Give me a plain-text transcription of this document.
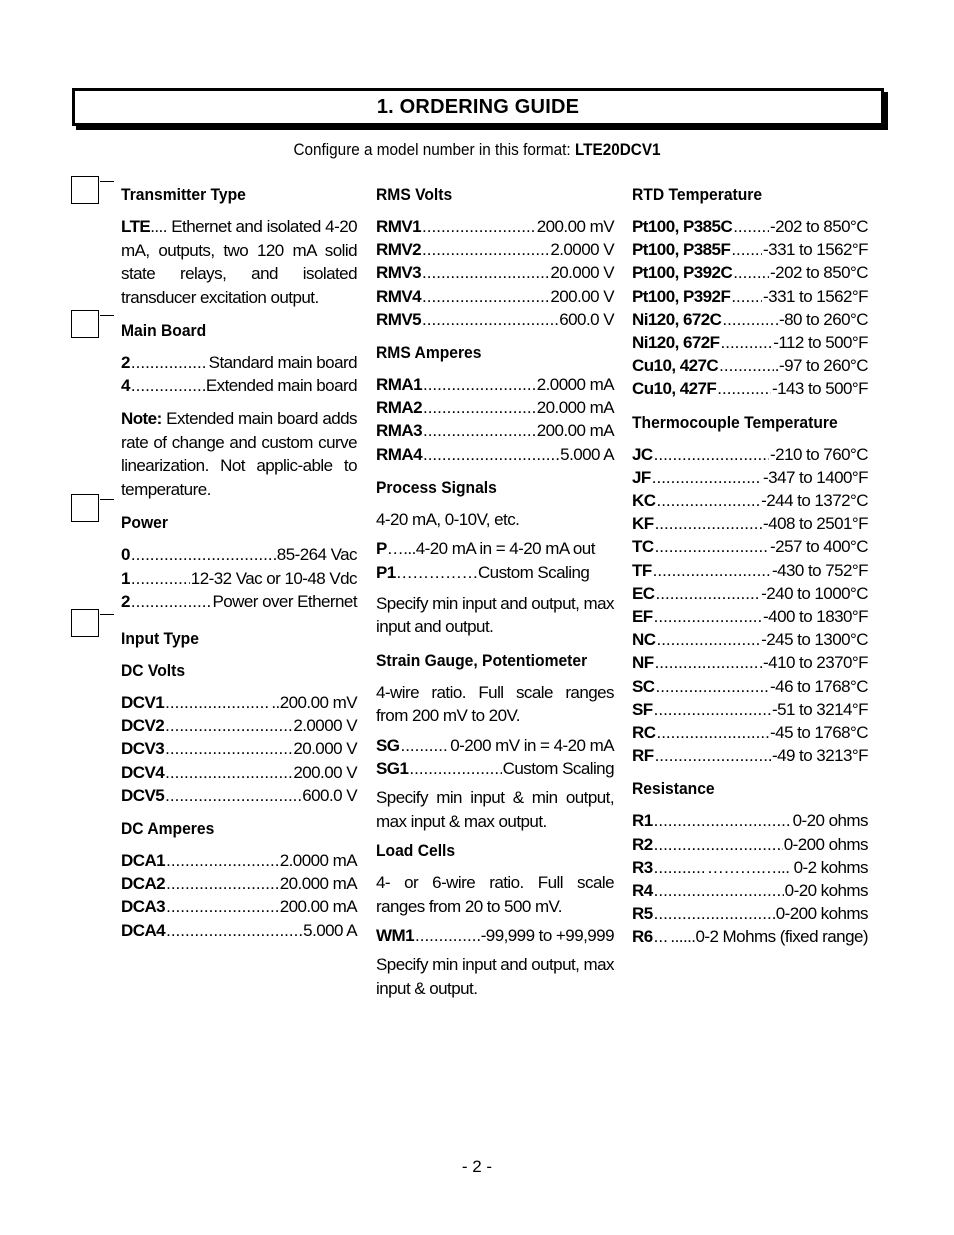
1. ORDERING GUIDE
Configure a model number in this format: LTE20DCV1
Transmitter Type

LTE.... Ethernet and isolated 4-20 mA, outputs, two 120 mA solid state relays, and isolated transducer excitation output.

Main Board
2 .....	Standard main board
4 .....	Extended main board

Note: Extended main board adds rate of change and custom curve linearization. Not applic-able to temperature.

Power
0 .....	85-264 Vac
1 .....	12-32 Vac or 10-48 Vdc
2 .....	Power over Ethernet
Input Type
DC Volts
DCV1 .....	..200.00 mV
DCV2 .....	2.0000 V
DCV3 .....	20.000 V
DCV4 .....	200.00 V
DCV5 .....	600.0 V
DC Amperes
DCA1 .....	2.0000 mA
DCA2 .....	20.000 mA
DCA3 .....	200.00 mA
DCA4 .....	5.000 A
RMS Volts
RMV1 .....	200.00 mV
RMV2 .....	2.0000 V
RMV3 .....	20.000 V
RMV4 .....	200.00 V
RMV5 .....	600.0 V
RMS Amperes
RMA1 .....	2.0000 mA
RMA2 .....	20.000 mA
RMA3 .....	200.00 mA
RMA4 .....	5.000 A
Process Signals

4-20 mA, 0-10V, etc.

P …...4-20 mA in = 4-20 mA out
P1 ……………Custom Scaling

Specify min input and output, max input and output.

Strain Gauge, Potentiometer

4-wire ratio. Full scale ranges from 200 mV to 20V.

SG .....	0-200 mV in = 4-20 mA
SG1 .....	Custom Scaling

Specify min input & min output, max input & max output.

Load Cells

4- or 6-wire ratio. Full scale ranges from 20 to 500 mV.

WM1 .....	-99,999 to +99,999

Specify min input and output, max input & output.

RTD Temperature
Pt100, P385C ..... -202 to 850°C
Pt100, P385F ..... -331 to 1562°F
Pt100, P392C ..... -202 to 850°C
Pt100, P392F ..... -331 to 1562°F
Ni120, 672C .....	.-80 to 260°C
Ni120, 672F .....	-112 to 500°F
Cu10, 427C .....	.-97 to 260°C
Cu10, 427F .....	-143 to 500°F
Thermocouple Temperature
JC .....	-210 to 760°C
JF .....	-347 to 1400°F
KC .....	-244 to 1372°C
KF .....	-408 to 2501°F
TC .....	-257 to 400°C
TF .....	-430 to 752°F
EC .....	-240 to 1000°C
EF .....	-400 to 1830°F
NC .....	-245 to 1300°C
NF .....	.-410 to 2370°F
SC .....	-46 to 1768°C
SF .....	-51 to 3214°F
RC .....	-45 to 1768°C
RF .....	-49 to 3213°F
Resistance
R1 .....	0-20 ohms
R2 .....	0-200 ohms
R3 .....	……….…... 0-2 kohms
R4 .....	0-20 kohms
R5 .....	0-200 kohms
R6 ..... ......0-2 Mohms (fixed range)
- 2 -
